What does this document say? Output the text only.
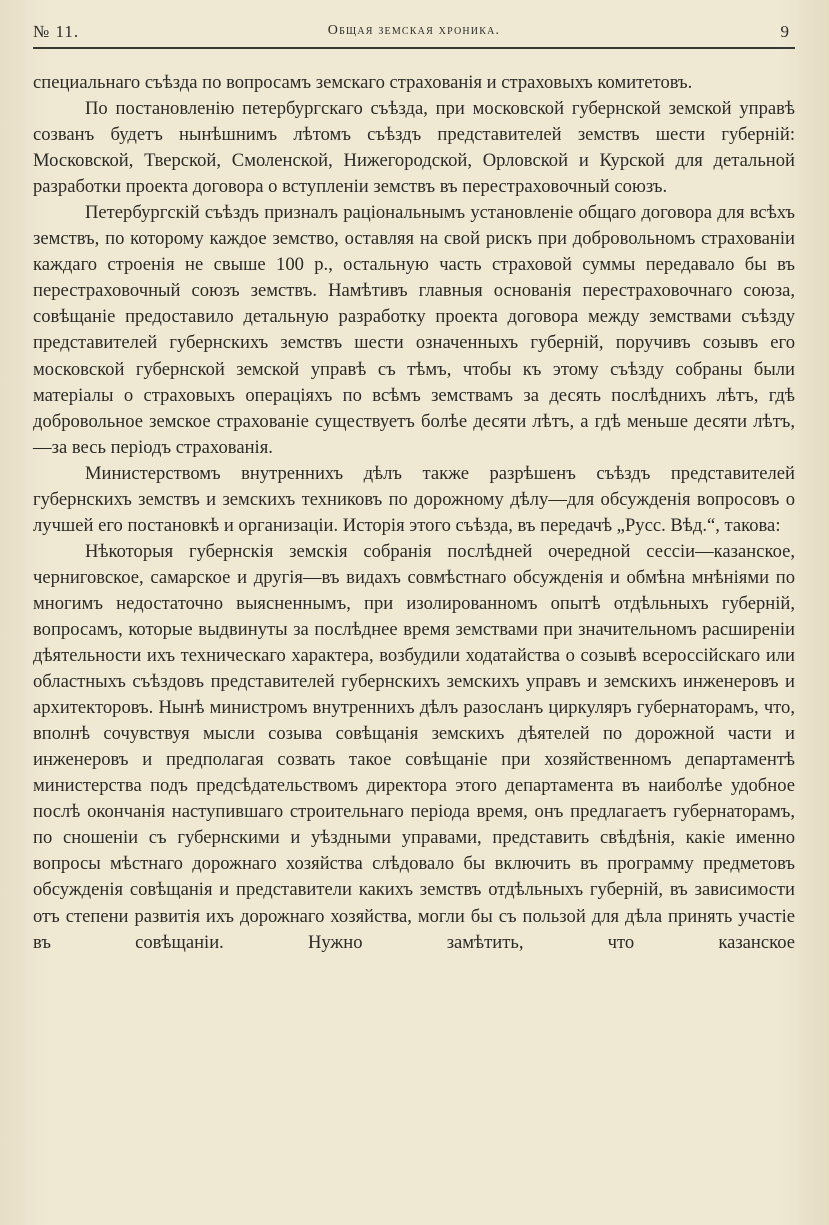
№ 11.	Общая земская хроника.	9

специальнаго съѣзда по вопросамъ земскаго страхованія и страховыхъ комитетовъ.

По постановленію петербургскаго съѣзда, при московской губернской земской управѣ созванъ будетъ нынѣшнимъ лѣтомъ съѣздъ представителей земствъ шести губерній: Московской, Тверской, Смоленской, Нижегородской, Орловской и Курской для детальной разработки проекта договора о вступленіи земствъ въ перестраховочный союзъ.

Петербургскій съѣздъ призналъ раціональнымъ установленіе общаго договора для всѣхъ земствъ, по которому каждое земство, оставляя на свой рискъ при добровольномъ страхованіи каждаго строенія не свыше 100 р., остальную часть страховой суммы передавало бы въ перестраховочный союзъ земствъ. Намѣтивъ главныя основанія перестраховочнаго союза, совѣщаніе предоставило детальную разработку проекта договора между земствами съѣзду представителей губернскихъ земствъ шести означенныхъ губерній, поручивъ созывъ его московской губернской земской управѣ съ тѣмъ, чтобы къ этому съѣзду собраны были матеріалы о страховыхъ операціяхъ по всѣмъ земствамъ за десять послѣднихъ лѣтъ, гдѣ добровольное земское страхованіе существуетъ болѣе десяти лѣтъ, а гдѣ меньше десяти лѣтъ,—за весь періодъ страхованія.

Министерствомъ внутреннихъ дѣлъ также разрѣшенъ съѣздъ представителей губернскихъ земствъ и земскихъ техниковъ по дорожному дѣлу—для обсужденія вопросовъ о лучшей его постановкѣ и организаціи. Исторія этого съѣзда, въ передачѣ „Русс. Вѣд.“, такова:

Нѣкоторыя губернскія земскія собранія послѣдней очередной сессіи—казанское, черниговское, самарское и другія—въ видахъ совмѣстнаго обсужденія и обмѣна мнѣніями по многимъ недостаточно выясненнымъ, при изолированномъ опытѣ отдѣльныхъ губерній, вопросамъ, которые выдвинуты за послѣднее время земствами при значительномъ расширеніи дѣятельности ихъ техническаго характера, возбудили ходатайства о созывѣ всероссійскаго или областныхъ съѣздовъ представителей губернскихъ земскихъ управъ и земскихъ инженеровъ и архитекторовъ. Нынѣ министромъ внутреннихъ дѣлъ разосланъ циркуляръ губернаторамъ, что, вполнѣ сочувствуя мысли созыва совѣщанія земскихъ дѣятелей по дорожной части и инженеровъ и предполагая созвать такое совѣщаніе при хозяйственномъ департаментѣ министерства подъ предсѣдательствомъ директора этого департамента въ наиболѣе удобное послѣ окончанія наступившаго строительнаго періода время, онъ предлагаетъ губернаторамъ, по сношеніи съ губернскими и уѣздными управами, представить свѣдѣнія, какіе именно вопросы мѣстнаго дорожнаго хозяйства слѣдовало бы включить въ программу предметовъ обсужденія совѣщанія и представители какихъ земствъ отдѣльныхъ губерній, въ зависимости отъ степени развитія ихъ дорожнаго хозяйства, могли бы съ пользой для дѣла принять участіе въ совѣщаніи. Нужно замѣтить, что казанское
